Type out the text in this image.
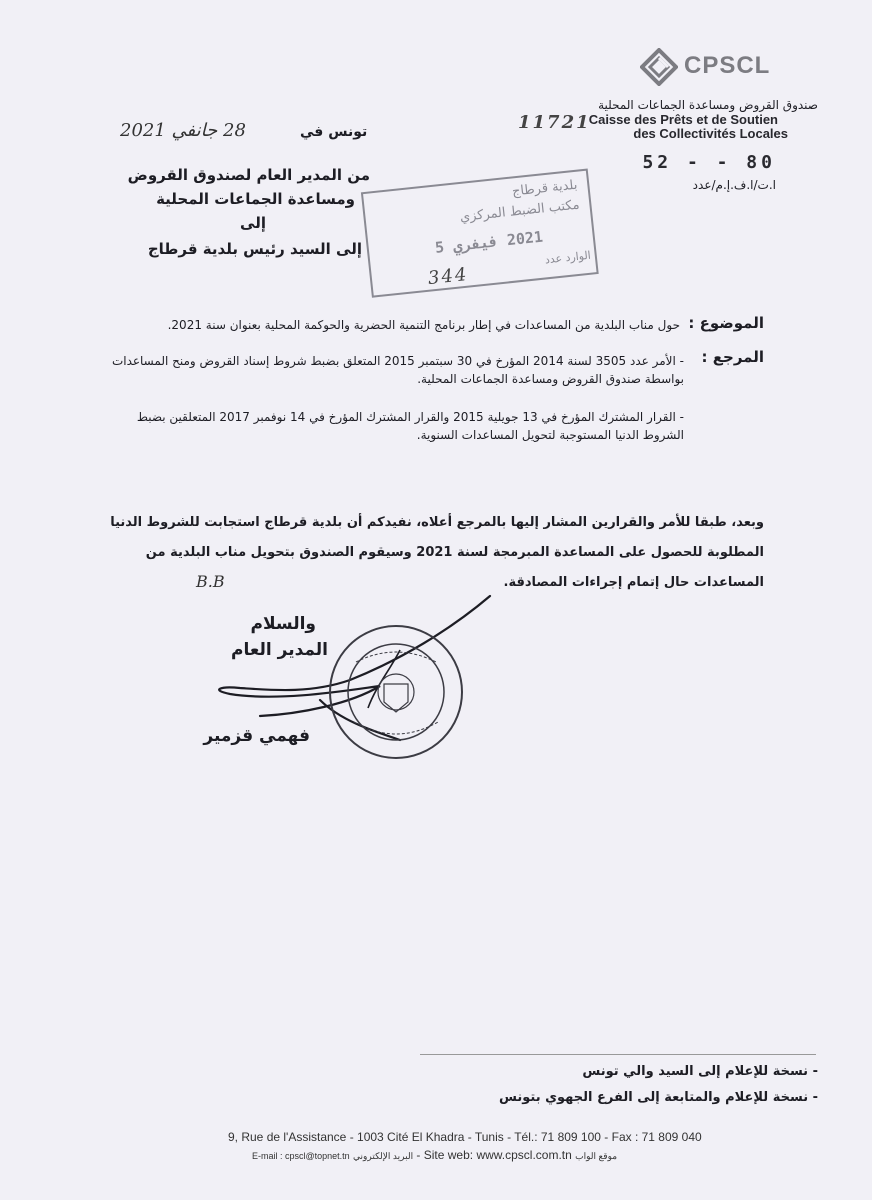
CPSCL
صندوق القروض ومساعدة الجماعات المحلية
Caisse des Prêts et de Soutien
des Collectivités Locales
52 - - 80
ا.ت/ا.ف.إ.م/عدد
28 جانفي 2021	تونس في	11721
من المدير العام لصندوق القروض
ومساعدة الجماعات المحلية
إلى
إلى السيد رئيس بلدية قرطاج
بلدية قرطاج
مكتب الضبط المركزي
2021 فيفري 5
الوارد عدد
344
الموضوع :
حول مناب البلدية من المساعدات في إطار برنامج التنمية الحضرية والحوكمة المحلية بعنوان سنة 2021.
المرجع :
- الأمر عدد 3505 لسنة 2014 المؤرخ في 30 سبتمبر 2015 المتعلق بضبط شروط إسناد القروض ومنح المساعدات بواسطة صندوق القروض ومساعدة الجماعات المحلية.
- القرار المشترك المؤرخ في 13 جويلية 2015 والقرار المشترك المؤرخ في 14 نوفمبر 2017 المتعلقين بضبط الشروط الدنيا المستوجبة لتحويل المساعدات السنوية.
وبعد، طبقا للأمر والقرارين المشار إليها بالمرجع أعلاه، نفيدكم أن بلدية قرطاج استجابت للشروط الدنيا المطلوبة للحصول على المساعدة المبرمجة لسنة 2021 وسيقوم الصندوق بتحويل مناب البلدية من المساعدات حال إتمام إجراءات المصادقة.
B.B
والسلام
المدير العام
فهمي قزمير
- نسخة للإعلام إلى السيد والي تونس
- نسخة للإعلام والمتابعة إلى الفرع الجهوي بتونس
9, Rue de l'Assistance - 1003 Cité El Khadra - Tunis - Tél.: 71 809 100 - Fax : 71 809 040
E-mail : cpscl@topnet.tn البريد الإلكتروني - Site web: www.cpscl.com.tn موقع الواب
